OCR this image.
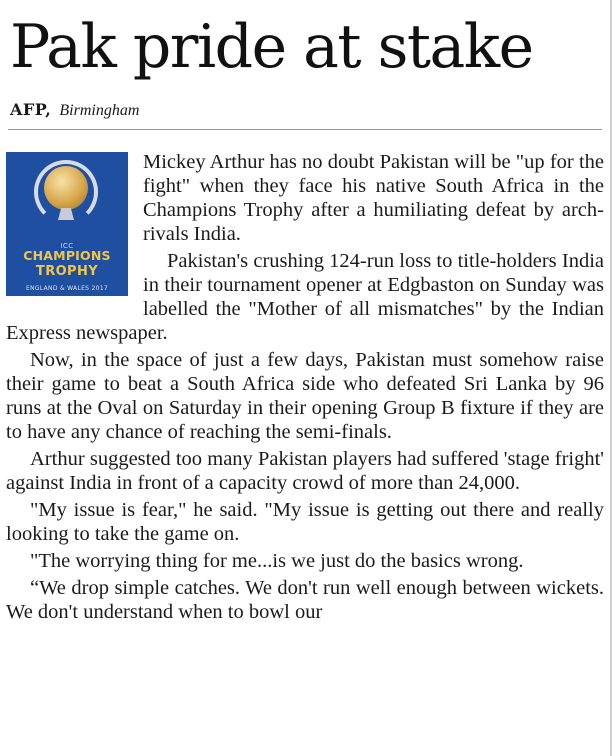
Pak pride at stake
AFP, Birmingham
ICC
CHAMPIONS
TROPHY
ENGLAND & WALES 2017

Mickey Arthur has no doubt Pakistan will be "up for the fight" when they face his native South Africa in the Champions Trophy after a humiliating defeat by arch-rivals India.

Pakistan's crushing 124-run loss to title-holders India in their tournament opener at Edgbaston on Sunday was labelled the "Mother of all mismatches" by the Indian Express newspaper.

Now, in the space of just a few days, Pakistan must somehow raise their game to beat a South Africa side who defeated Sri Lanka by 96 runs at the Oval on Saturday in their opening Group B fixture if they are to have any chance of reaching the semi-finals.

Arthur suggested too many Pakistan players had suffered 'stage fright' against India in front of a capacity crowd of more than 24,000.

"My issue is fear," he said. "My issue is getting out there and really looking to take the game on.

"The worrying thing for me...is we just do the basics wrong.

“We drop simple catches. We don't run well enough between wickets. We don't understand when to bowl our
